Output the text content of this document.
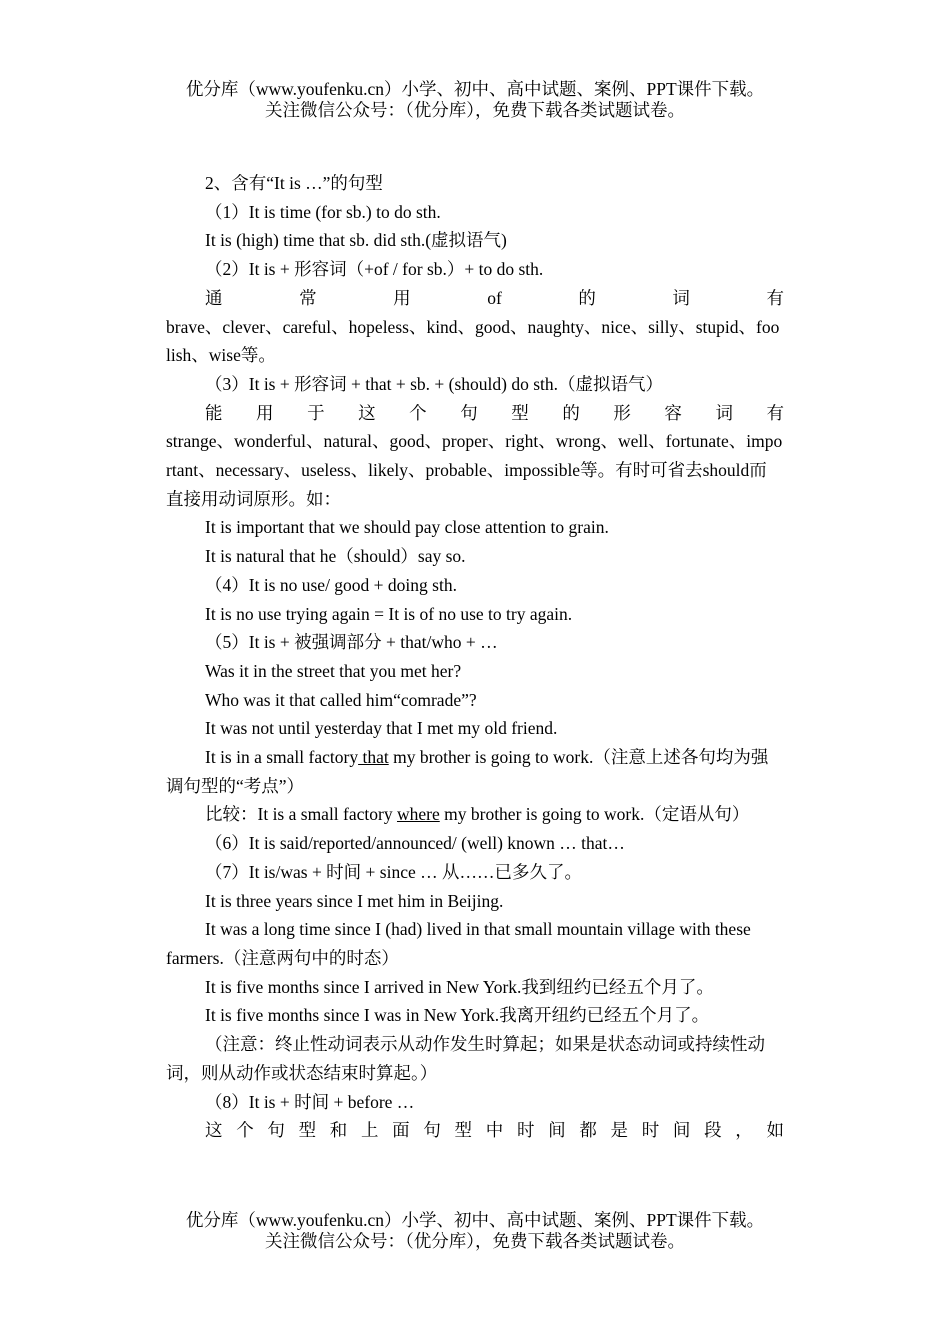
优分库（www.youfenku.cn）小学、初中、高中试题、案例、PPT课件下载。
关注微信公众号：（优分库），免费下载各类试题试卷。

2、含有“It is …”的句型

（1）It is time (for sb.) to do sth.

It is (high) time that sb. did sth.(虚拟语气)

（2）It is + 形容词（+of / for sb.）+ to do sth.

通常用of的词有

brave、clever、careful、hopeless、kind、good、naughty、nice、silly、stupid、foolish、wise等。

（3）It is + 形容词 + that + sb. + (should) do sth.（虚拟语气）

能用于这个句型的形容词有

strange、wonderful、natural、good、proper、right、wrong、well、fortunate、important、necessary、useless、likely、probable、impossible等。有时可省去should而直接用动词原形。如：

It is important that we should pay close attention to grain.

It is natural that he（should）say so.

（4）It is no use/ good + doing sth.

It is no use trying again = It is of no use to try again.

（5）It is + 被强调部分 + that/who + …

Was it in the street that you met her?

Who was it that called him“comrade”?

It was not until yesterday that I met my old friend.

It is in a small factory that my brother is going to work.（注意上述各句均为强调句型的“考点”）

比较：It is a small factory where my brother is going to work.（定语从句）

（6）It is said/reported/announced/ (well) known … that…

（7）It is/was + 时间 + since … 从……已多久了。

It is three years since I met him in Beijing.

It was a long time since I (had) lived in that small mountain village with these farmers.（注意两句中的时态）

It is five months since I arrived in New York.我到纽约已经五个月了。

It is five months since I was in New York.我离开纽约已经五个月了。

（注意：终止性动词表示从动作发生时算起；如果是状态动词或持续性动词，则从动作或状态结束时算起。）

（8）It is + 时间 + before …

这个句型和上面句型中时间都是时间段，如

优分库（www.youfenku.cn）小学、初中、高中试题、案例、PPT课件下载。
关注微信公众号：（优分库），免费下载各类试题试卷。
